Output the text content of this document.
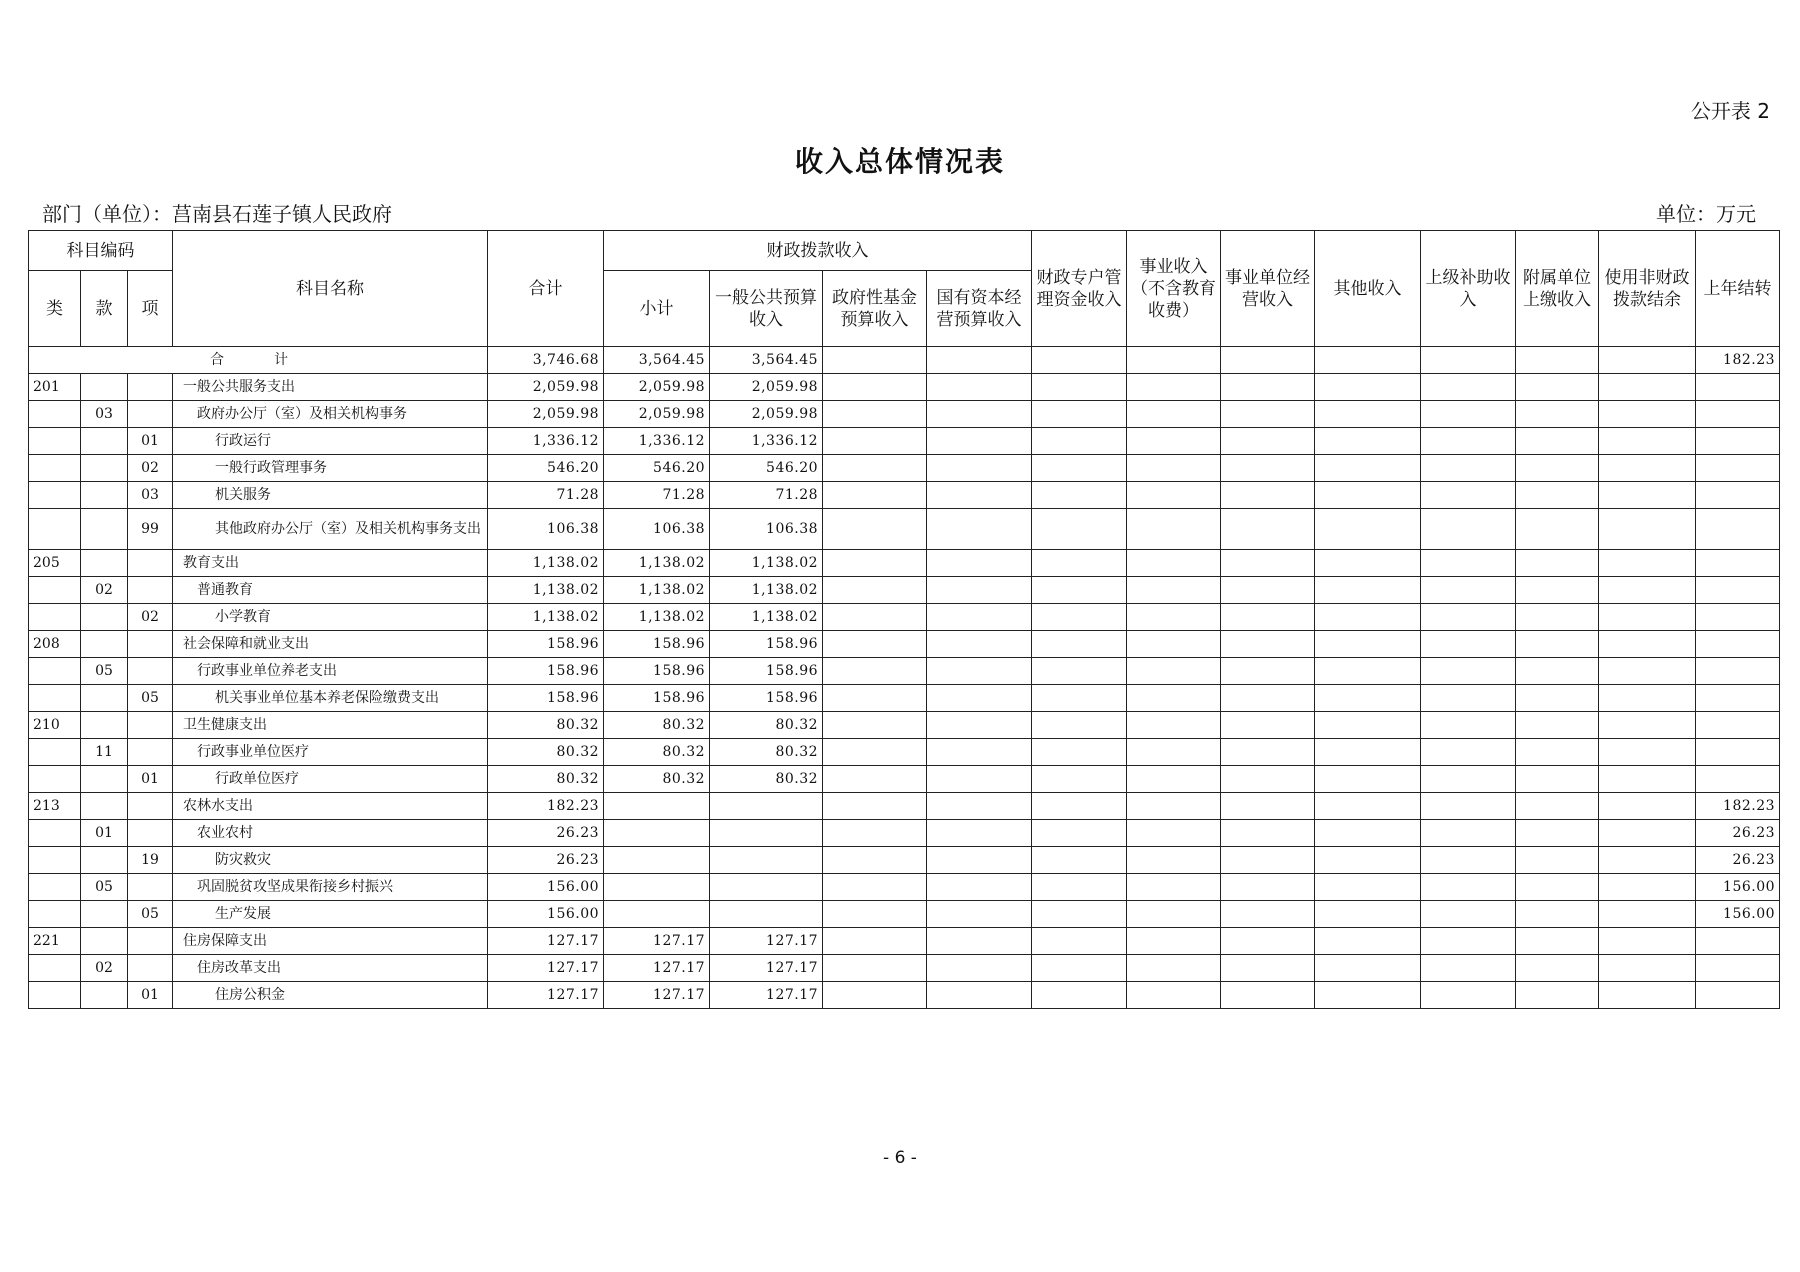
公开表 2
收入总体情况表
部门（单位）：莒南县石莲子镇人民政府	单位：万元
科目编码			科目名称	合计	财政拨款收入				财政专户管理资金收入	事业收入（不含教育收费）	事业单位经营收入	其他收入	上级补助收入	附属单位上缴收入	使用非财政拨款结余	上年结转
类	款	项			小计	一般公共预算收入	政府性基金预算收入	国有资本经营预算收入								
合　计				3,746.68	3,564.45	3,564.45										182.23
201			一般公共服务支出	2,059.98	2,059.98	2,059.98										
	03		政府办公厅（室）及相关机构事务	2,059.98	2,059.98	2,059.98										
		01	行政运行	1,336.12	1,336.12	1,336.12										
		02	一般行政管理事务	546.20	546.20	546.20										
		03	机关服务	71.28	71.28	71.28										
		99	其他政府办公厅（室）及相关机构事务支出	106.38	106.38	106.38										
205			教育支出	1,138.02	1,138.02	1,138.02										
	02		普通教育	1,138.02	1,138.02	1,138.02										
		02	小学教育	1,138.02	1,138.02	1,138.02										
208			社会保障和就业支出	158.96	158.96	158.96										
	05		行政事业单位养老支出	158.96	158.96	158.96										
		05	机关事业单位基本养老保险缴费支出	158.96	158.96	158.96										
210			卫生健康支出	80.32	80.32	80.32										
	11		行政事业单位医疗	80.32	80.32	80.32										
		01	行政单位医疗	80.32	80.32	80.32										
213			农林水支出	182.23												182.23
	01		农业农村	26.23												26.23
		19	防灾救灾	26.23												26.23
	05		巩固脱贫攻坚成果衔接乡村振兴	156.00												156.00
		05	生产发展	156.00												156.00
221			住房保障支出	127.17	127.17	127.17										
	02		住房改革支出	127.17	127.17	127.17										
		01	住房公积金	127.17	127.17	127.17										
- 6 -
